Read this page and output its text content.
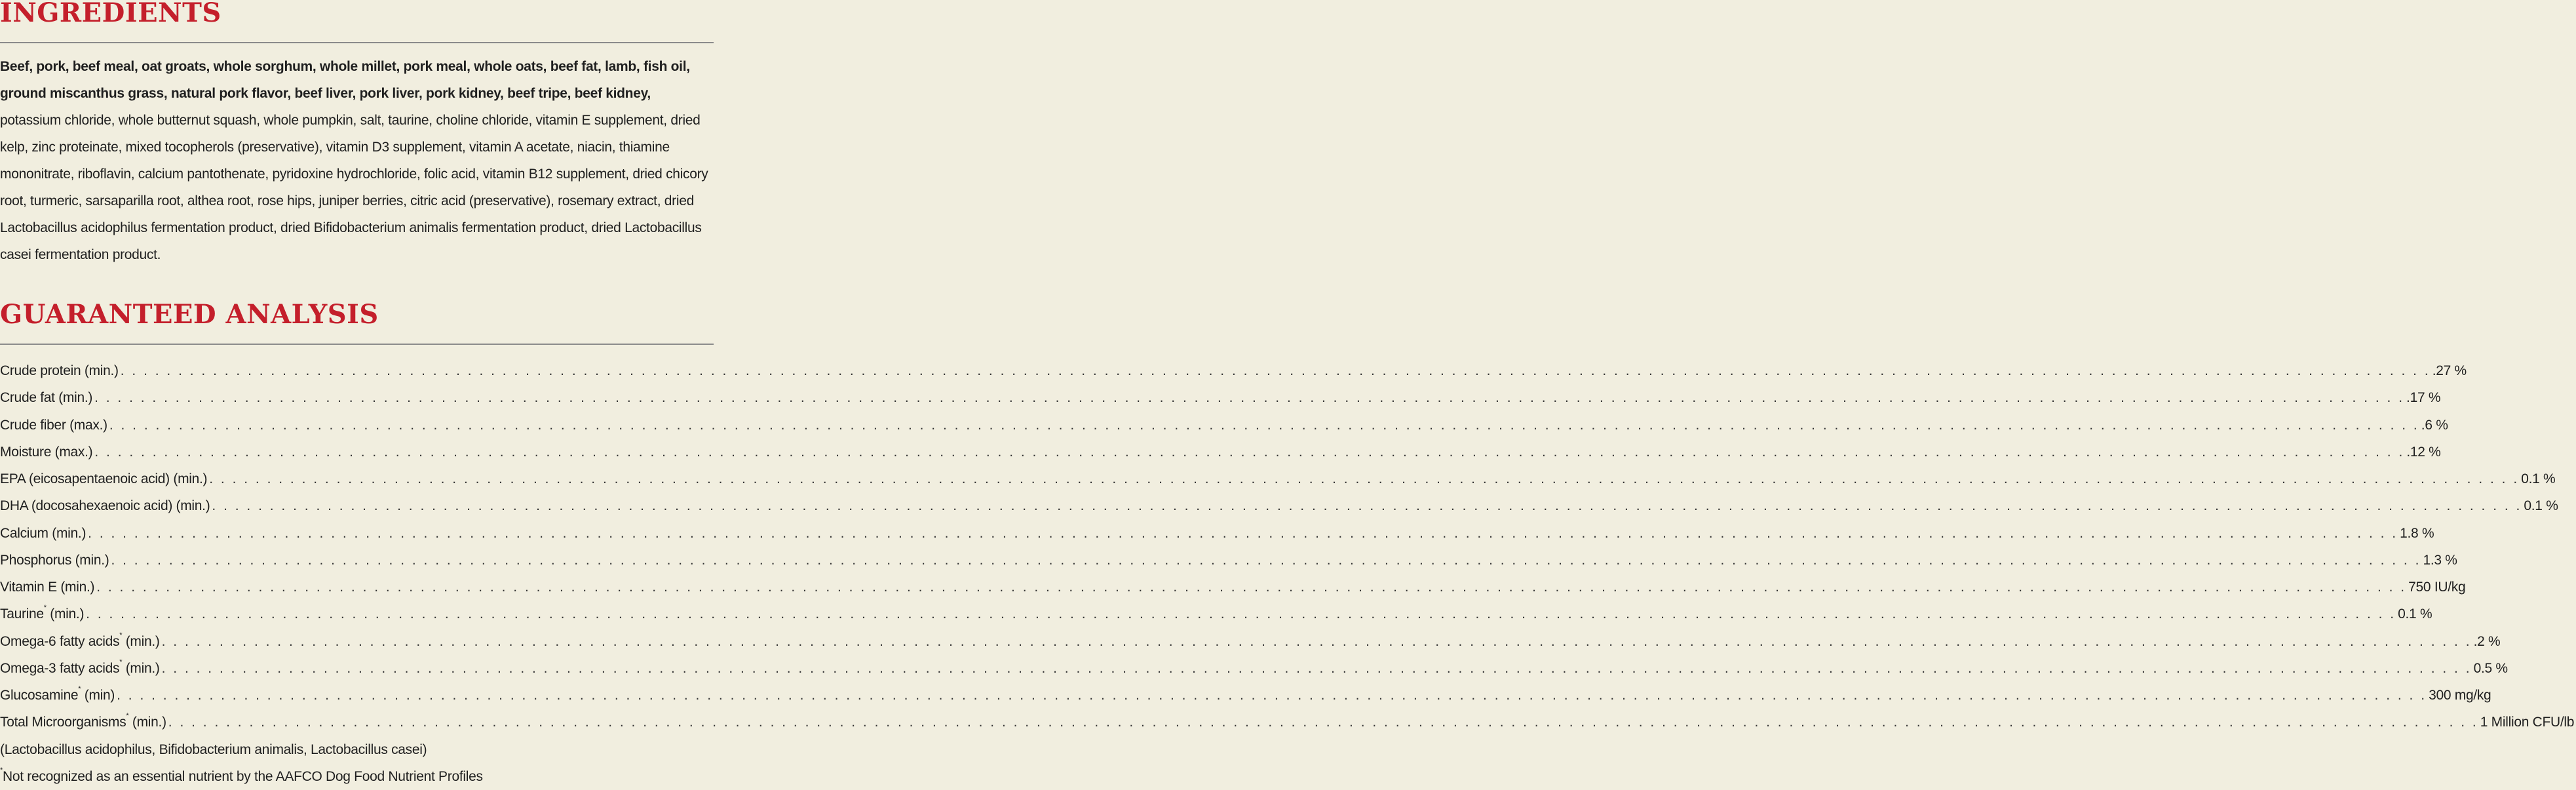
INGREDIENTS
Beef, pork, beef meal, oat groats, whole sorghum, whole millet, pork meal, whole oats, beef fat, lamb, fish oil, ground miscanthus grass, natural pork flavor, beef liver, pork liver, pork kidney, beef tripe, beef kidney, potassium chloride, whole butternut squash, whole pumpkin, salt, taurine, choline chloride, vitamin E supplement, dried kelp, zinc proteinate, mixed tocopherols (preservative), vitamin D3 supplement, vitamin A acetate, niacin, thiamine mononitrate, riboflavin, calcium pantothenate, pyridoxine hydrochloride, folic acid, vitamin B12 supplement, dried chicory root, turmeric, sarsaparilla root, althea root, rose hips, juniper berries, citric acid (preservative), rosemary extract, dried Lactobacillus acidophilus fermentation product, dried Bifidobacterium animalis fermentation product, dried Lactobacillus casei fermentation product.
GUARANTEED ANALYSIS
Crude protein (min.) . . . . . . . . . . . . . . . . . . . . . . . . . . . . . . . . . . . . . . . . . . . . . . . . . . . . . . . . . . . . . . . . . . . . . . . . . . . . . . . . . . . . . . . . . . . . . . . . . . . . . . . . . . . . . . . . . . . . . . . . . . . . . . . . . . . . . . . . . . . . . . . . . . . . . . . . . . . . . . . . . . . . . . . . . . . . . . . . . . . . . . . . . . . . . . . . . . . . . . . . .27 %
Crude fat (min.) . . . . . . . . . . . . . . . . . . . . . . . . . . . . . . . . . . . . . . . . . . . . . . . . . . . . . . . . . . . . . . . . . . . . . . . . . . . . . . . . . . . . . . . . . . . . . . . . . . . . . . . . . . . . . . . . . . . . . . . . . . . . . . . . . . . . . . . . . . . . . . . . . . . . . . . . . . . . . . . . . . . . . . . . . . . . . . . . . . . . . . . . . . . . . . . . . . . . . . . . .17 %
Crude fiber (max.) . . . . . . . . . . . . . . . . . . . . . . . . . . . . . . . . . . . . . . . . . . . . . . . . . . . . . . . . . . . . . . . . . . . . . . . . . . . . . . . . . . . . . . . . . . . . . . . . . . . . . . . . . . . . . . . . . . . . . . . . . . . . . . . . . . . . . . . . . . . . . . . . . . . . . . . . . . . . . . . . . . . . . . . . . . . . . . . . . . . . . . . . . . . . . . . . . . . . . . . . .6 %
Moisture (max.) . . . . . . . . . . . . . . . . . . . . . . . . . . . . . . . . . . . . . . . . . . . . . . . . . . . . . . . . . . . . . . . . . . . . . . . . . . . . . . . . . . . . . . . . . . . . . . . . . . . . . . . . . . . . . . . . . . . . . . . . . . . . . . . . . . . . . . . . . . . . . . . . . . . . . . . . . . . . . . . . . . . . . . . . . . . . . . . . . . . . . . . . . . . . . . . . . . . . . . . . .12 %
EPA (eicosapentaenoic acid) (min.) . . . . . . . . . . . . . . . . . . . . . . . . . . . . . . . . . . . . . . . . . . . . . . . . . . . . . . . . . . . . . . . . . . . . . . . . . . . . . . . . . . . . . . . . . . . . . . . . . . . . . . . . . . . . . . . . . . . . . . . . . . . . . . . . . . . . . . . . . . . . . . . . . . . . . . . . . . . . . . . . . . . . . . . . . . . . . . . . . . . . . . . . . . . . . . . . . . . . . . . . 0.1 %
DHA (docosahexaenoic acid) (min.) . . . . . . . . . . . . . . . . . . . . . . . . . . . . . . . . . . . . . . . . . . . . . . . . . . . . . . . . . . . . . . . . . . . . . . . . . . . . . . . . . . . . . . . . . . . . . . . . . . . . . . . . . . . . . . . . . . . . . . . . . . . . . . . . . . . . . . . . . . . . . . . . . . . . . . . . . . . . . . . . . . . . . . . . . . . . . . . . . . . . . . . . . . . . . . . . . . . . . . . . 0.1 %
Calcium (min.) . . . . . . . . . . . . . . . . . . . . . . . . . . . . . . . . . . . . . . . . . . . . . . . . . . . . . . . . . . . . . . . . . . . . . . . . . . . . . . . . . . . . . . . . . . . . . . . . . . . . . . . . . . . . . . . . . . . . . . . . . . . . . . . . . . . . . . . . . . . . . . . . . . . . . . . . . . . . . . . . . . . . . . . . . . . . . . . . . . . . . . . . . . . . . . . . . . . . . . . . 1.8 %
Phosphorus (min.) . . . . . . . . . . . . . . . . . . . . . . . . . . . . . . . . . . . . . . . . . . . . . . . . . . . . . . . . . . . . . . . . . . . . . . . . . . . . . . . . . . . . . . . . . . . . . . . . . . . . . . . . . . . . . . . . . . . . . . . . . . . . . . . . . . . . . . . . . . . . . . . . . . . . . . . . . . . . . . . . . . . . . . . . . . . . . . . . . . . . . . . . . . . . . . . . . . . . . . . . 1.3 %
Vitamin E (min.) . . . . . . . . . . . . . . . . . . . . . . . . . . . . . . . . . . . . . . . . . . . . . . . . . . . . . . . . . . . . . . . . . . . . . . . . . . . . . . . . . . . . . . . . . . . . . . . . . . . . . . . . . . . . . . . . . . . . . . . . . . . . . . . . . . . . . . . . . . . . . . . . . . . . . . . . . . . . . . . . . . . . . . . . . . . . . . . . . . . . . . . . . . . . . . . . . . . . . . . . 750 IU/kg
Taurine* (min.) . . . . . . . . . . . . . . . . . . . . . . . . . . . . . . . . . . . . . . . . . . . . . . . . . . . . . . . . . . . . . . . . . . . . . . . . . . . . . . . . . . . . . . . . . . . . . . . . . . . . . . . . . . . . . . . . . . . . . . . . . . . . . . . . . . . . . . . . . . . . . . . . . . . . . . . . . . . . . . . . . . . . . . . . . . . . . . . . . . . . . . . . . . . . . . . . . . . . . . . . 0.1 %
Omega-6 fatty acids* (min.) . . . . . . . . . . . . . . . . . . . . . . . . . . . . . . . . . . . . . . . . . . . . . . . . . . . . . . . . . . . . . . . . . . . . . . . . . . . . . . . . . . . . . . . . . . . . . . . . . . . . . . . . . . . . . . . . . . . . . . . . . . . . . . . . . . . . . . . . . . . . . . . . . . . . . . . . . . . . . . . . . . . . . . . . . . . . . . . . . . . . . . . . . . . . . . . . . . . . . . . . .2 %
Omega-3 fatty acids* (min.) . . . . . . . . . . . . . . . . . . . . . . . . . . . . . . . . . . . . . . . . . . . . . . . . . . . . . . . . . . . . . . . . . . . . . . . . . . . . . . . . . . . . . . . . . . . . . . . . . . . . . . . . . . . . . . . . . . . . . . . . . . . . . . . . . . . . . . . . . . . . . . . . . . . . . . . . . . . . . . . . . . . . . . . . . . . . . . . . . . . . . . . . . . . . . . . . . . . . . . . . 0.5 %
Glucosamine* (min) . . . . . . . . . . . . . . . . . . . . . . . . . . . . . . . . . . . . . . . . . . . . . . . . . . . . . . . . . . . . . . . . . . . . . . . . . . . . . . . . . . . . . . . . . . . . . . . . . . . . . . . . . . . . . . . . . . . . . . . . . . . . . . . . . . . . . . . . . . . . . . . . . . . . . . . . . . . . . . . . . . . . . . . . . . . . . . . . . . . . . . . . . . . . . . . . . . . . . . . . 300 mg/kg
Total Microorganisms* (min.) . . . . . . . . . . . . . . . . . . . . . . . . . . . . . . . . . . . . . . . . . . . . . . . . . . . . . . . . . . . . . . . . . . . . . . . . . . . . . . . . . . . . . . . . . . . . . . . . . . . . . . . . . . . . . . . . . . . . . . . . . . . . . . . . . . . . . . . . . . . . . . . . . . . . . . . . . . . . . . . . . . . . . . . . . . . . . . . . . . . . . . . . . . . . . . . . . . . . . . . . 1 Million CFU/lb
(Lactobacillus acidophilus, Bifidobacterium animalis, Lactobacillus casei)
*Not recognized as an essential nutrient by the AAFCO Dog Food Nutrient Profiles
